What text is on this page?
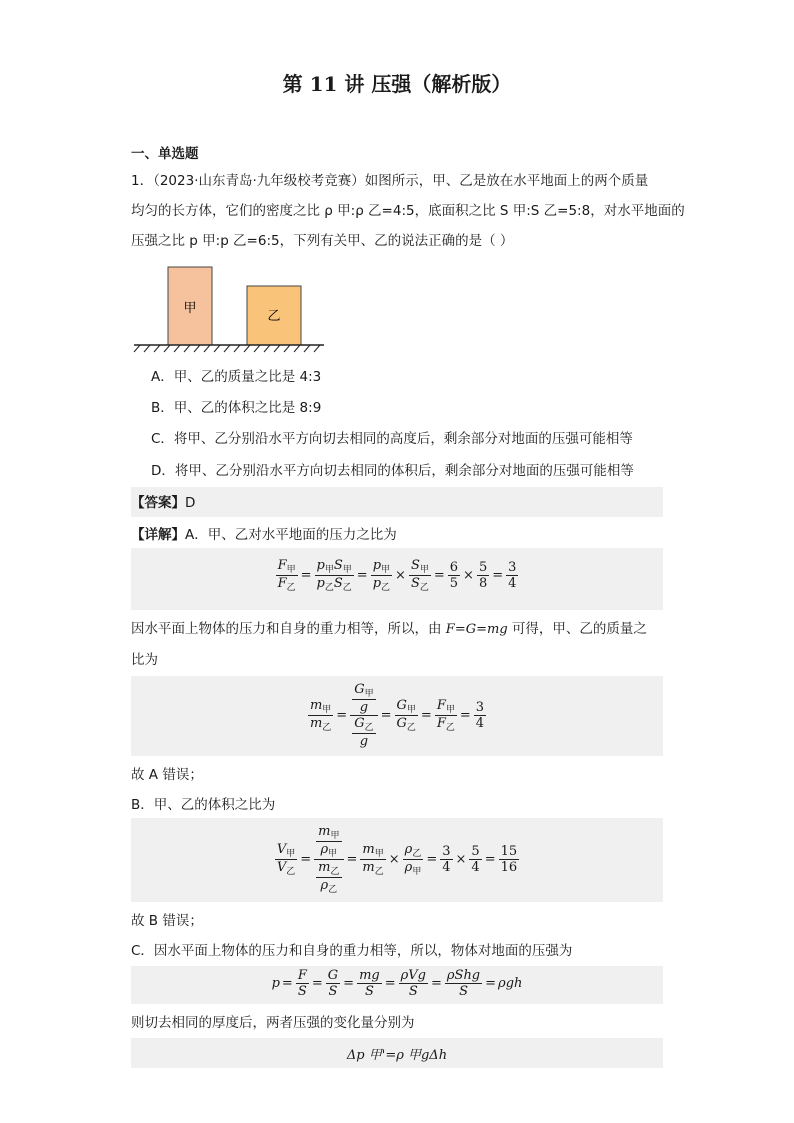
第 11 讲 压强（解析版）
一、单选题
1．（2023·山东青岛·九年级校考竞赛）如图所示，甲、乙是放在水平地面上的两个质量
均匀的长方体，它们的密度之比 ρ 甲:ρ 乙=4:5，底面积之比 S 甲:S 乙=5:8，对水平地面的
压强之比 p 甲:p 乙=6:5，下列有关甲、乙的说法正确的是（ ）
甲
乙
A．甲、乙的质量之比是 4:3
B．甲、乙的体积之比是 8:9
C．将甲、乙分别沿水平方向切去相同的高度后，剩余部分对地面的压强可能相等
D．将甲、乙分别沿水平方向切去相同的体积后，剩余部分对地面的压强可能相等
【答案】D
【详解】A．甲、乙对水平地面的压力之比为
$\frac{F_甲}{F_乙} = \frac{p_甲S_甲}{p_乙S_乙} = \frac{p_甲}{p_乙} \times \frac{S_甲}{S_乙} = \frac{6}{5} \times \frac{5}{8} = \frac{3}{4}$
因水平面上物体的压力和自身的重力相等，所以，由 F=G=mg 可得，甲、乙的质量之
比为
$\frac{m_甲}{m_乙} = \frac{\frac{G_甲}{g}}{\frac{G_乙}{g}} = \frac{G_甲}{G_乙} = \frac{F_甲}{F_乙} = \frac{3}{4}$
故 A 错误；
B．甲、乙的体积之比为
$\frac{V_甲}{V_乙} = \frac{\frac{m_甲}{\rho_甲}}{\frac{m_乙}{\rho_乙}} = \frac{m_甲}{m_乙} \times \frac{\rho_乙}{\rho_甲} = \frac{3}{4} \times \frac{5}{4} = \frac{15}{16}$
故 B 错误；
C．因水平面上物体的压力和自身的重力相等，所以，物体对地面的压强为
$p = \frac{F}{S} = \frac{G}{S} = \frac{mg}{S} = \frac{\text{ρVg}}{S} = \frac{\text{ρShg}}{S} = \rho gh$
则切去相同的厚度后，两者压强的变化量分别为
Δp 甲'=ρ 甲gΔh
